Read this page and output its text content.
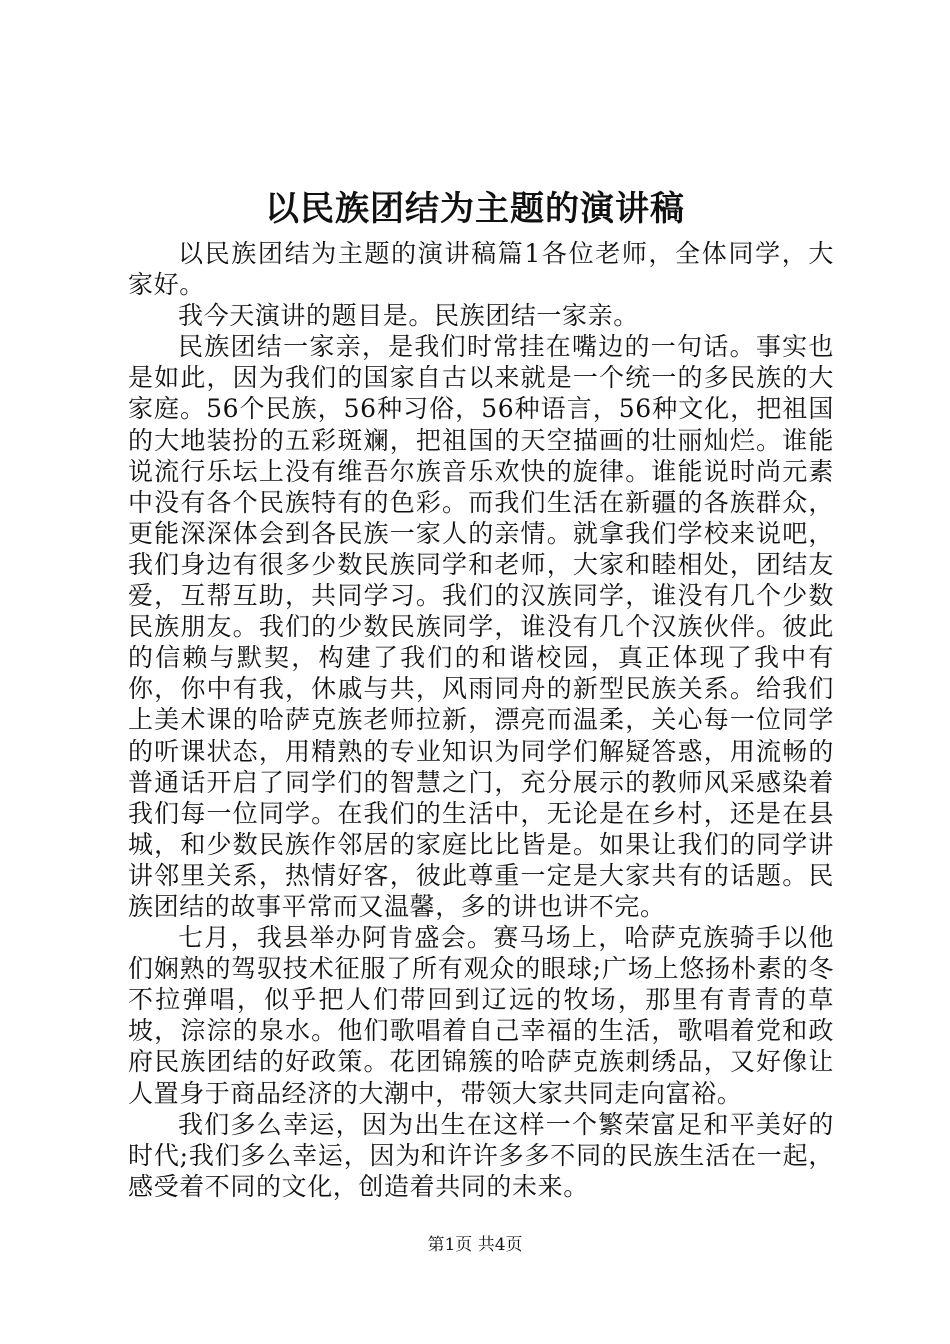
以民族团结为主题的演讲稿

以民族团结为主题的演讲稿篇1各位老师，全体同学，大家好。

我今天演讲的题目是。民族团结一家亲。

民族团结一家亲，是我们时常挂在嘴边的一句话。事实也是如此，因为我们的国家自古以来就是一个统一的多民族的大家庭。56个民族，56种习俗，56种语言，56种文化，把祖国的大地装扮的五彩斑斓，把祖国的天空描画的壮丽灿烂。谁能说流行乐坛上没有维吾尔族音乐欢快的旋律。谁能说时尚元素中没有各个民族特有的色彩。而我们生活在新疆的各族群众，更能深深体会到各民族一家人的亲情。就拿我们学校来说吧，我们身边有很多少数民族同学和老师，大家和睦相处，团结友爱，互帮互助，共同学习。我们的汉族同学，谁没有几个少数民族朋友。我们的少数民族同学，谁没有几个汉族伙伴。彼此的信赖与默契，构建了我们的和谐校园，真正体现了我中有你，你中有我，休戚与共，风雨同舟的新型民族关系。给我们上美术课的哈萨克族老师拉新，漂亮而温柔，关心每一位同学的听课状态，用精熟的专业知识为同学们解疑答惑，用流畅的普通话开启了同学们的智慧之门，充分展示的教师风采感染着我们每一位同学。在我们的生活中，无论是在乡村，还是在县城，和少数民族作邻居的家庭比比皆是。如果让我们的同学讲讲邻里关系，热情好客，彼此尊重一定是大家共有的话题。民族团结的故事平常而又温馨，多的讲也讲不完。

七月，我县举办阿肯盛会。赛马场上，哈萨克族骑手以他们娴熟的驾驭技术征服了所有观众的眼球;广场上悠扬朴素的冬不拉弹唱，似乎把人们带回到辽远的牧场，那里有青青的草坡，淙淙的泉水。他们歌唱着自己幸福的生活，歌唱着党和政府民族团结的好政策。花团锦簇的哈萨克族刺绣品，又好像让人置身于商品经济的大潮中，带领大家共同走向富裕。

我们多么幸运，因为出生在这样一个繁荣富足和平美好的时代;我们多么幸运，因为和许许多多不同的民族生活在一起，感受着不同的文化，创造着共同的未来。

第1页 共4页
